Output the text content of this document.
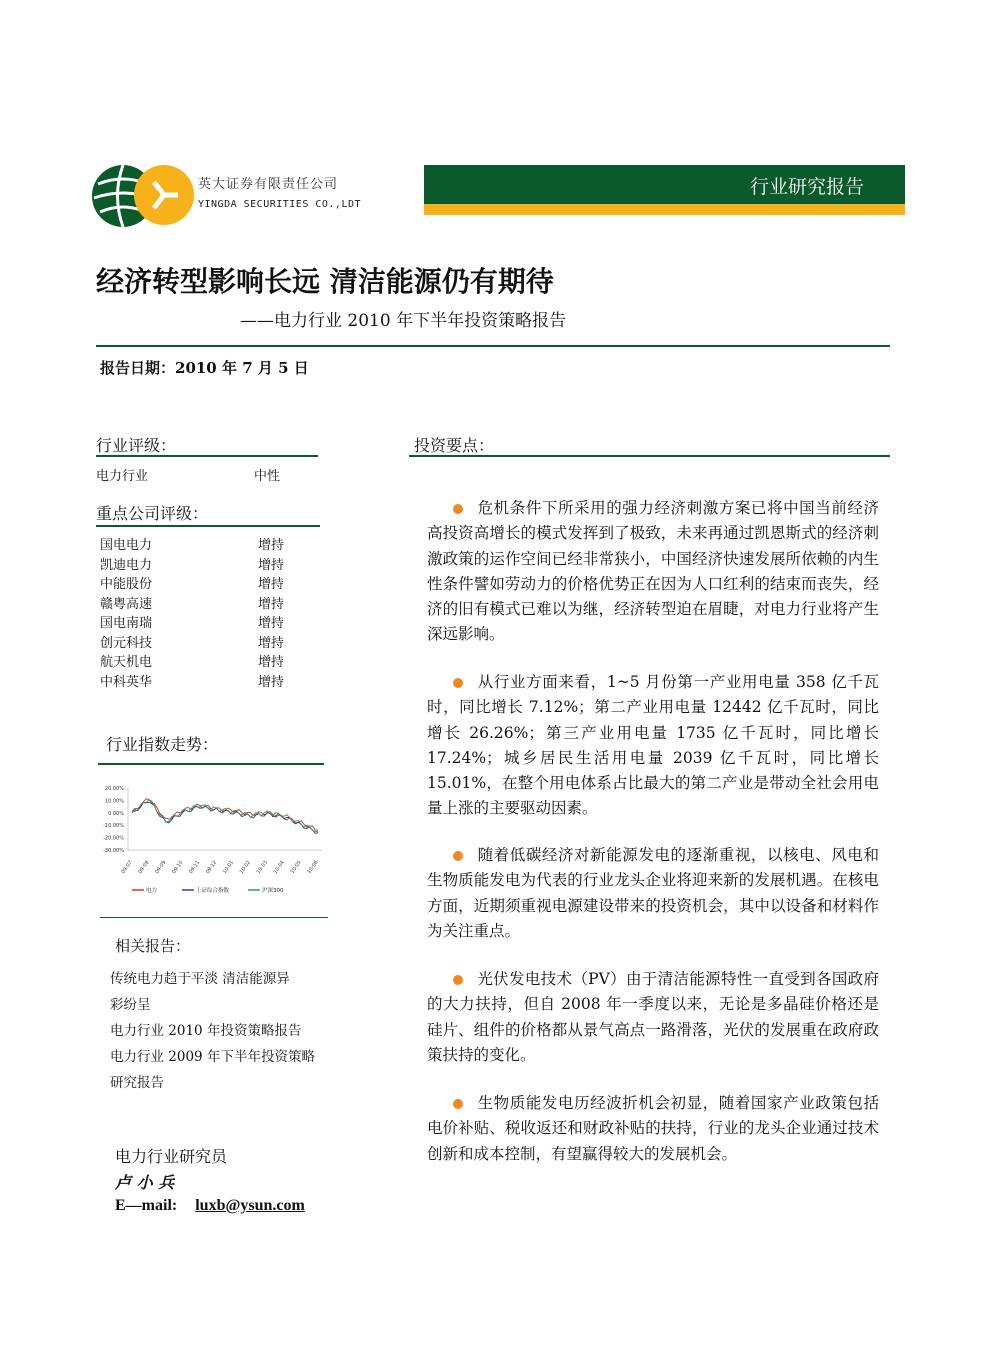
英大证券有限责任公司
YINGDA SECURITIES CO.,LDT
行业研究报告
经济转型影响长远 清洁能源仍有期待
——电力行业 2010 年下半年投资策略报告
报告日期：2010 年 7 月 5 日
行业评级：
电力行业	中性
重点公司评级：
国电电力	增持
凯迪电力	增持
中能股份	增持
赣粤高速	增持
国电南瑞	增持
创元科技	增持
航天机电	增持
中科英华	增持
行业指数走势：
20.00%
10.00%
0.00%
-10.00%
-20.00%
-30.00%
09-07 09-08 09-09 09-10 09-11 09-12 10-01 10-02 10-03 10-04 10-05 10-06
电力	上证综合指数	沪深300
相关报告：
传统电力趋于平淡 清洁能源异
彩纷呈
电力行业 2010 年投资策略报告
电力行业 2009 年下半年投资策略
研究报告
电力行业研究员
卢 小 兵
E—mail: luxb@ysun.com
投资要点：
危机条件下所采用的强力经济刺激方案已将中国当前经济高投资高增长的模式发挥到了极致，未来再通过凯恩斯式的经济刺激政策的运作空间已经非常狭小，中国经济快速发展所依赖的内生性条件譬如劳动力的价格优势正在因为人口红利的结束而丧失，经济的旧有模式已难以为继，经济转型迫在眉睫，对电力行业将产生深远影响。
从行业方面来看，1~5 月份第一产业用电量 358 亿千瓦时，同比增长 7.12%；第二产业用电量 12442 亿千瓦时，同比增长 26.26%；第三产业用电量 1735 亿千瓦时，同比增长 17.24%；城乡居民生活用电量 2039 亿千瓦时，同比增长 15.01%，在整个用电体系占比最大的第二产业是带动全社会用电量上涨的主要驱动因素。
随着低碳经济对新能源发电的逐渐重视，以核电、风电和生物质能发电为代表的行业龙头企业将迎来新的发展机遇。在核电方面，近期须重视电源建设带来的投资机会，其中以设备和材料作为关注重点。
光伏发电技术（PV）由于清洁能源特性一直受到各国政府的大力扶持，但自 2008 年一季度以来，无论是多晶硅价格还是硅片、组件的价格都从景气高点一路滑落，光伏的发展重在政府政策扶持的变化。
生物质能发电历经波折机会初显，随着国家产业政策包括电价补贴、税收返还和财政补贴的扶持，行业的龙头企业通过技术创新和成本控制，有望赢得较大的发展机会。
